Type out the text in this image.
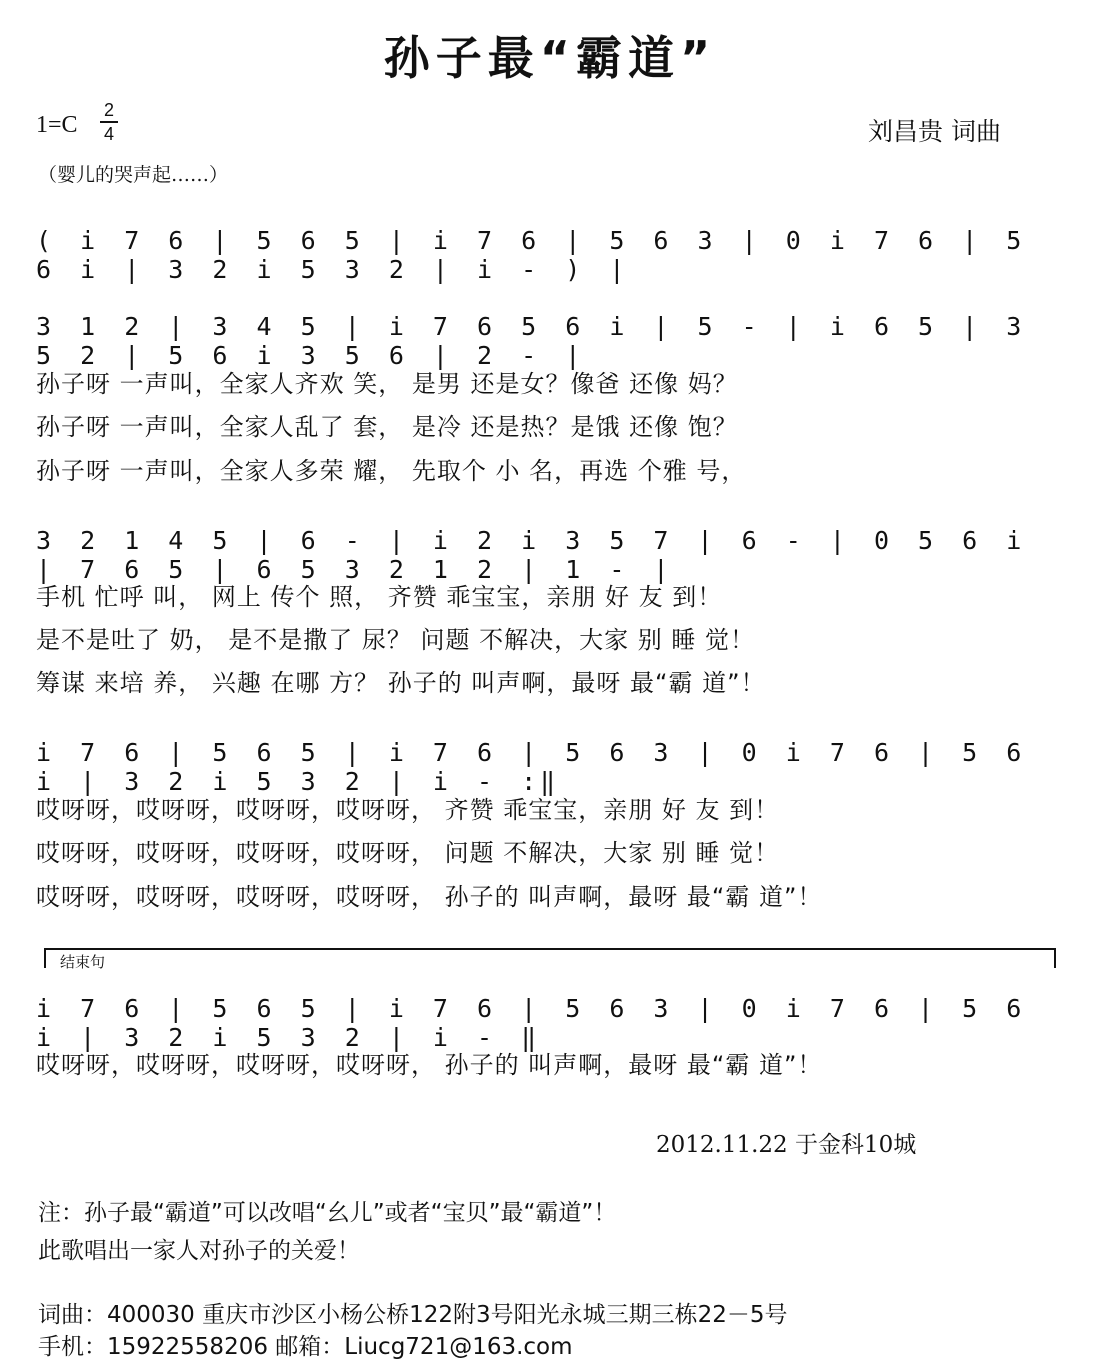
孙子最“霸道”
1=C
2
4	刘昌贵 词曲
（婴儿的哭声起……）
( i 7 6 | 5 6 5 | i 7 6 | 5 6 3 | 0 i 7 6 | 5 6 i | 3 2 i 5 3 2 | i - ) |
3 1 2 | 3 4 5 | i 7 6 5 6 i | 5 - | i 6 5 | 3 5 2 | 5 6 i 3 5 6 | 2 - |
孙子呀 一声叫，全家人齐欢 笑， 是男 还是女？像爸 还像 妈？
孙子呀 一声叫，全家人乱了 套， 是冷 还是热？是饿 还像 饱？
孙子呀 一声叫，全家人多荣 耀， 先取个 小 名，再选 个雅 号，
3 2 1 4 5 | 6 - | i 2 i 3 5 7 | 6 - | 0 5 6 i | 7 6 5 | 6 5 3 2 1 2 | 1 - |
手机 忙呼 叫， 网上 传个 照， 齐赞 乖宝宝，亲朋 好 友 到！
是不是吐了 奶， 是不是撒了 尿？ 问题 不解决，大家 别 睡 觉！
筹谋 来培 养， 兴趣 在哪 方？ 孙子的 叫声啊，最呀 最“霸 道”！
i 7 6 | 5 6 5 | i 7 6 | 5 6 3 | 0 i 7 6 | 5 6 i | 3 2 i 5 3 2 | i - :‖
哎呀呀，哎呀呀，哎呀呀，哎呀呀， 齐赞 乖宝宝，亲朋 好 友 到！
哎呀呀，哎呀呀，哎呀呀，哎呀呀， 问题 不解决，大家 别 睡 觉！
哎呀呀，哎呀呀，哎呀呀，哎呀呀， 孙子的 叫声啊，最呀 最“霸 道”！
结束句
i 7 6 | 5 6 5 | i 7 6 | 5 6 3 | 0 i 7 6 | 5 6 i | 3 2 i 5 3 2 | i - ‖
哎呀呀，哎呀呀，哎呀呀，哎呀呀， 孙子的 叫声啊，最呀 最“霸 道”！
2012.11.22 于金科10城
注：孙子最“霸道”可以改唱“幺儿”或者“宝贝”最“霸道”！
此歌唱出一家人对孙子的关爱！
词曲：400030 重庆市沙区小杨公桥122附3号阳光永城三期三栋22－5号
手机：15922558206 邮箱：Liucg721@163.com
